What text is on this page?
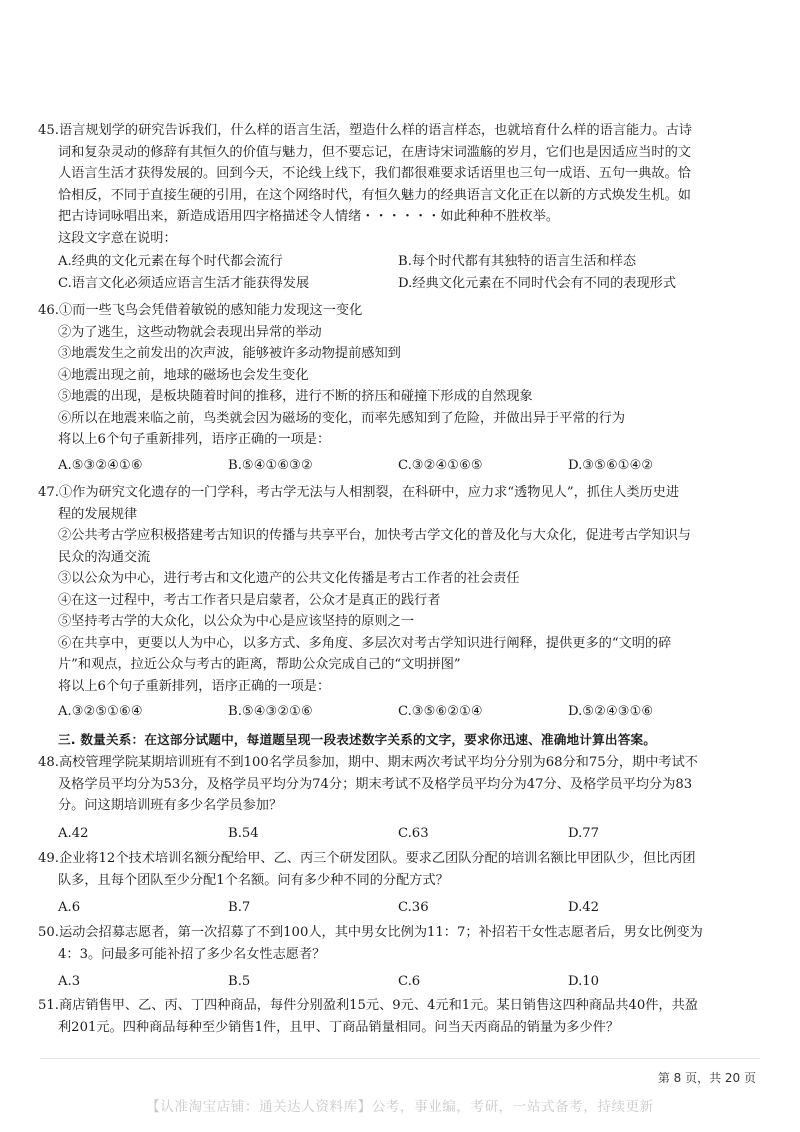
45.语言规划学的研究告诉我们，什么样的语言生活，塑造什么样的语言样态，也就培育什么样的语言能力。古诗
词和复杂灵动的修辞有其恒久的价值与魅力，但不要忘记，在唐诗宋词滥觞的岁月，它们也是因适应当时的文
人语言生活才获得发展的。回到今天，不论线上线下，我们都很难要求话语里也三句一成语、五句一典故。恰
恰相反，不同于直接生硬的引用，在这个网络时代，有恒久魅力的经典语言文化正在以新的方式焕发生机。如
把古诗词咏唱出来，新造成语用四字格描述令人情绪・・・・・・如此种种不胜枚举。
这段文字意在说明：
A.经典的文化元素在每个时代都会流行	B.每个时代都有其独特的语言生活和样态
C.语言文化必须适应语言生活才能获得发展	D.经典文化元素在不同时代会有不同的表现形式
46.①而一些飞鸟会凭借着敏锐的感知能力发现这一变化
②为了逃生，这些动物就会表现出异常的举动
③地震发生之前发出的次声波，能够被许多动物提前感知到
④地震出现之前，地球的磁场也会发生变化
⑤地震的出现，是板块随着时间的推移，进行不断的挤压和碰撞下形成的自然现象
⑥所以在地震来临之前，鸟类就会因为磁场的变化，而率先感知到了危险，并做出异于平常的行为
将以上6个句子重新排列，语序正确的一项是：
A.⑤③②④①⑥	B.⑤④①⑥③②	C.③②④①⑥⑤	D.③⑤⑥①④②
47.①作为研究文化遗存的一门学科，考古学无法与人相割裂，在科研中，应力求“透物见人”，抓住人类历史进
程的发展规律
②公共考古学应积极搭建考古知识的传播与共享平台，加快考古学文化的普及化与大众化，促进考古学知识与
民众的沟通交流
③以公众为中心，进行考古和文化遗产的公共文化传播是考古工作者的社会责任
④在这一过程中，考古工作者只是启蒙者，公众才是真正的践行者
⑤坚持考古学的大众化，以公众为中心是应该坚持的原则之一
⑥在共享中，更要以人为中心，以多方式、多角度、多层次对考古学知识进行阐释，提供更多的“文明的碎
片”和观点，拉近公众与考古的距离，帮助公众完成自己的“文明拼图”
将以上6个句子重新排列，语序正确的一项是：
A.③②⑤①⑥④	B.⑤④③②①⑥	C.③⑤⑥②①④	D.⑤②④③①⑥
三. 数量关系：在这部分试题中，每道题呈现一段表述数字关系的文字，要求你迅速、准确地计算出答案。
48.高校管理学院某期培训班有不到100名学员参加，期中、期末两次考试平均分分别为68分和75分，期中考试不
及格学员平均分为53分，及格学员平均分为74分；期末考试不及格学员平均分为47分、及格学员平均分为83
分。问这期培训班有多少名学员参加？
A.42	B.54	C.63	D.77
49.企业将12个技术培训名额分配给甲、乙、丙三个研发团队。要求乙团队分配的培训名额比甲团队少，但比丙团
队多，且每个团队至少分配1个名额。问有多少种不同的分配方式？
A.6	B.7	C.36	D.42
50.运动会招募志愿者，第一次招募了不到100人，其中男女比例为11：7；补招若干女性志愿者后，男女比例变为
4：3。问最多可能补招了多少名女性志愿者？
A.3	B.5	C.6	D.10
51.商店销售甲、乙、丙、丁四种商品，每件分别盈利15元、9元、4元和1元。某日销售这四种商品共40件，共盈
利201元。四种商品每种至少销售1件，且甲、丁商品销量相同。问当天丙商品的销量为多少件？
第 8 页，共 20 页
【认准淘宝店铺：通关达人资料库】公考，事业编，考研，一站式备考，持续更新
